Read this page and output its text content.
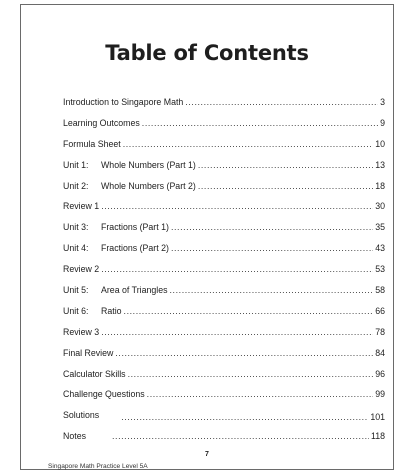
Table of Contents
Introduction to Singapore Math .....	3
Learning Outcomes .....	9
Formula Sheet .....	10
Unit 1:	Whole Numbers (Part 1) .....	13
Unit 2:	Whole Numbers (Part 2) .....	18
Review 1 .....	30
Unit 3:	Fractions (Part 1) .....	35
Unit 4:	Fractions (Part 2) .....	43
Review 2 .....	53
Unit 5:	Area of Triangles .....	58
Unit 6:	Ratio .....	66
Review 3 .....	78
Final Review .....	84
Calculator Skills .....	96
Challenge Questions .....	99
Solutions .....	101
Notes .....	118
7
Singapore Math Practice Level 5A
